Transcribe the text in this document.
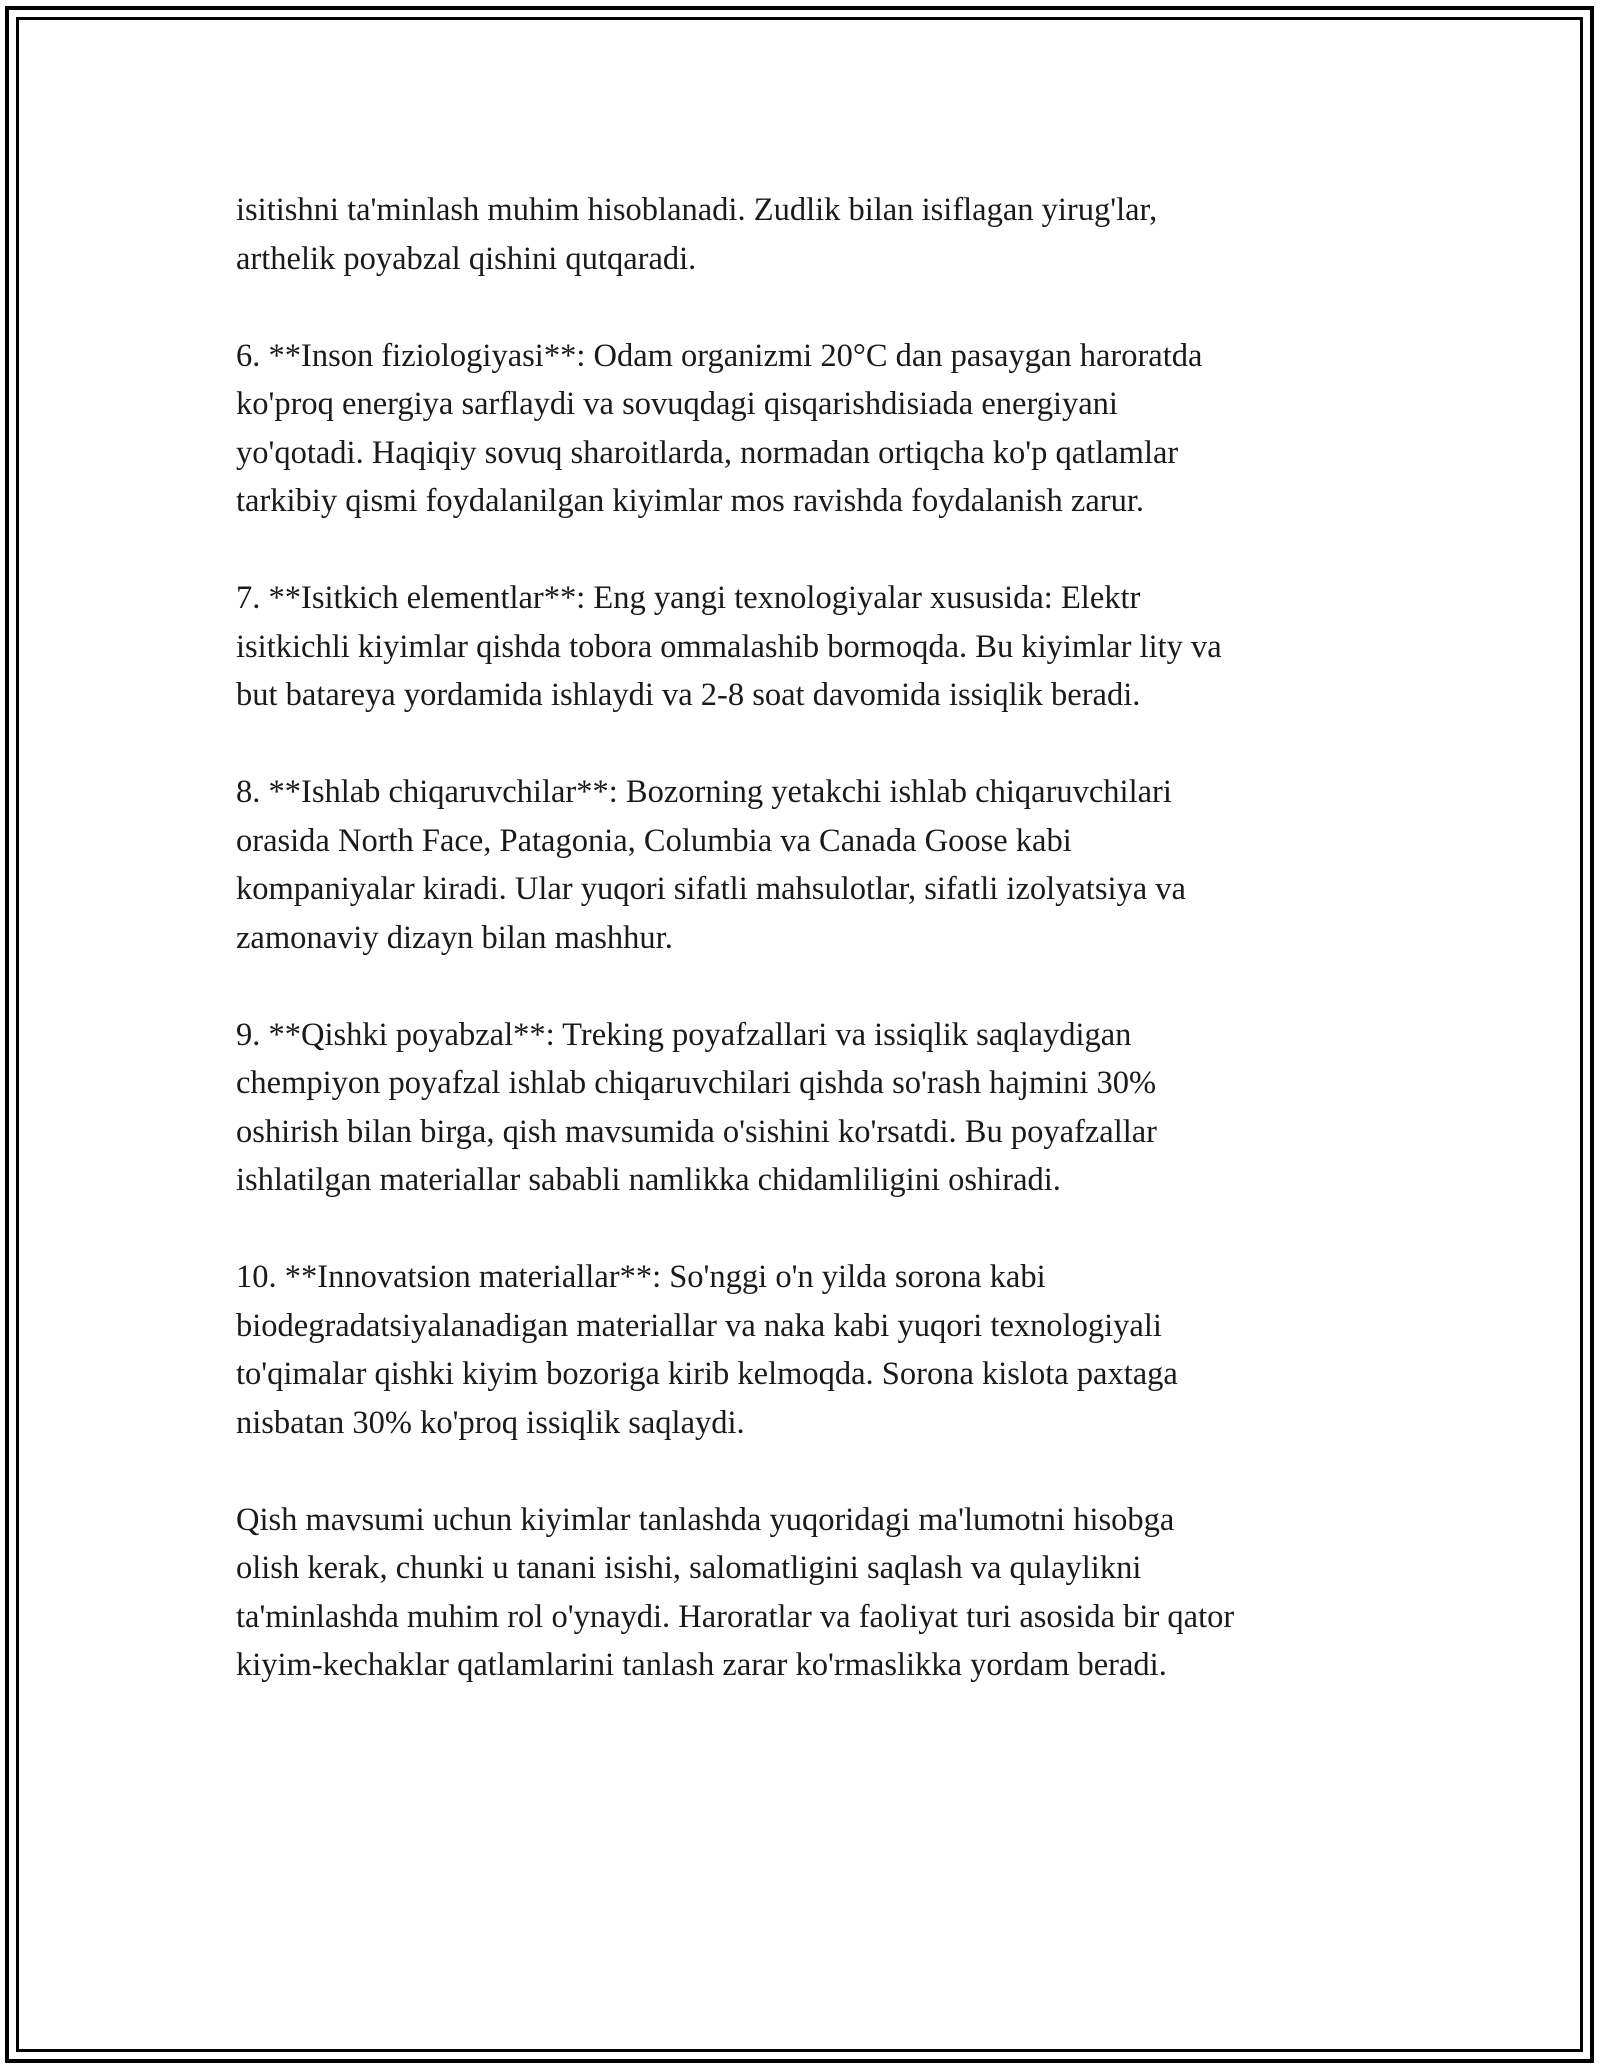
isitishni ta'minlash muhim hisoblanadi. Zudlik bilan isiflagan yirug'lar,
arthelik poyabzal qishini qutqaradi.
6. **Inson fiziologiyasi**: Odam organizmi 20°C dan pasaygan haroratda
ko'proq energiya sarflaydi va sovuqdagi qisqarishdisiada energiyani
yo'qotadi. Haqiqiy sovuq sharoitlarda, normadan ortiqcha ko'p qatlamlar
tarkibiy qismi foydalanilgan kiyimlar mos ravishda foydalanish zarur.
7. **Isitkich elementlar**: Eng yangi texnologiyalar xususida: Elektr
isitkichli kiyimlar qishda tobora ommalashib bormoqda. Bu kiyimlar lity va
but batareya yordamida ishlaydi va 2-8 soat davomida issiqlik beradi.
8. **Ishlab chiqaruvchilar**: Bozorning yetakchi ishlab chiqaruvchilari
orasida North Face, Patagonia, Columbia va Canada Goose kabi
kompaniyalar kiradi. Ular yuqori sifatli mahsulotlar, sifatli izolyatsiya va
zamonaviy dizayn bilan mashhur.
9. **Qishki poyabzal**: Treking poyafzallari va issiqlik saqlaydigan
chempiyon poyafzal ishlab chiqaruvchilari qishda so'rash hajmini 30%
oshirish bilan birga, qish mavsumida o'sishini ko'rsatdi. Bu poyafzallar
ishlatilgan materiallar sababli namlikka chidamliligini oshiradi.
10. **Innovatsion materiallar**: So'nggi o'n yilda sorona kabi
biodegradatsiyalanadigan materiallar va naka kabi yuqori texnologiyali
to'qimalar qishki kiyim bozoriga kirib kelmoqda. Sorona kislota paxtaga
nisbatan 30% ko'proq issiqlik saqlaydi.
Qish mavsumi uchun kiyimlar tanlashda yuqoridagi ma'lumotni hisobga
olish kerak, chunki u tanani isishi, salomatligini saqlash va qulaylikni
ta'minlashda muhim rol o'ynaydi. Haroratlar va faoliyat turi asosida bir qator
kiyim-kechaklar qatlamlarini tanlash zarar ko'rmaslikka yordam beradi.
